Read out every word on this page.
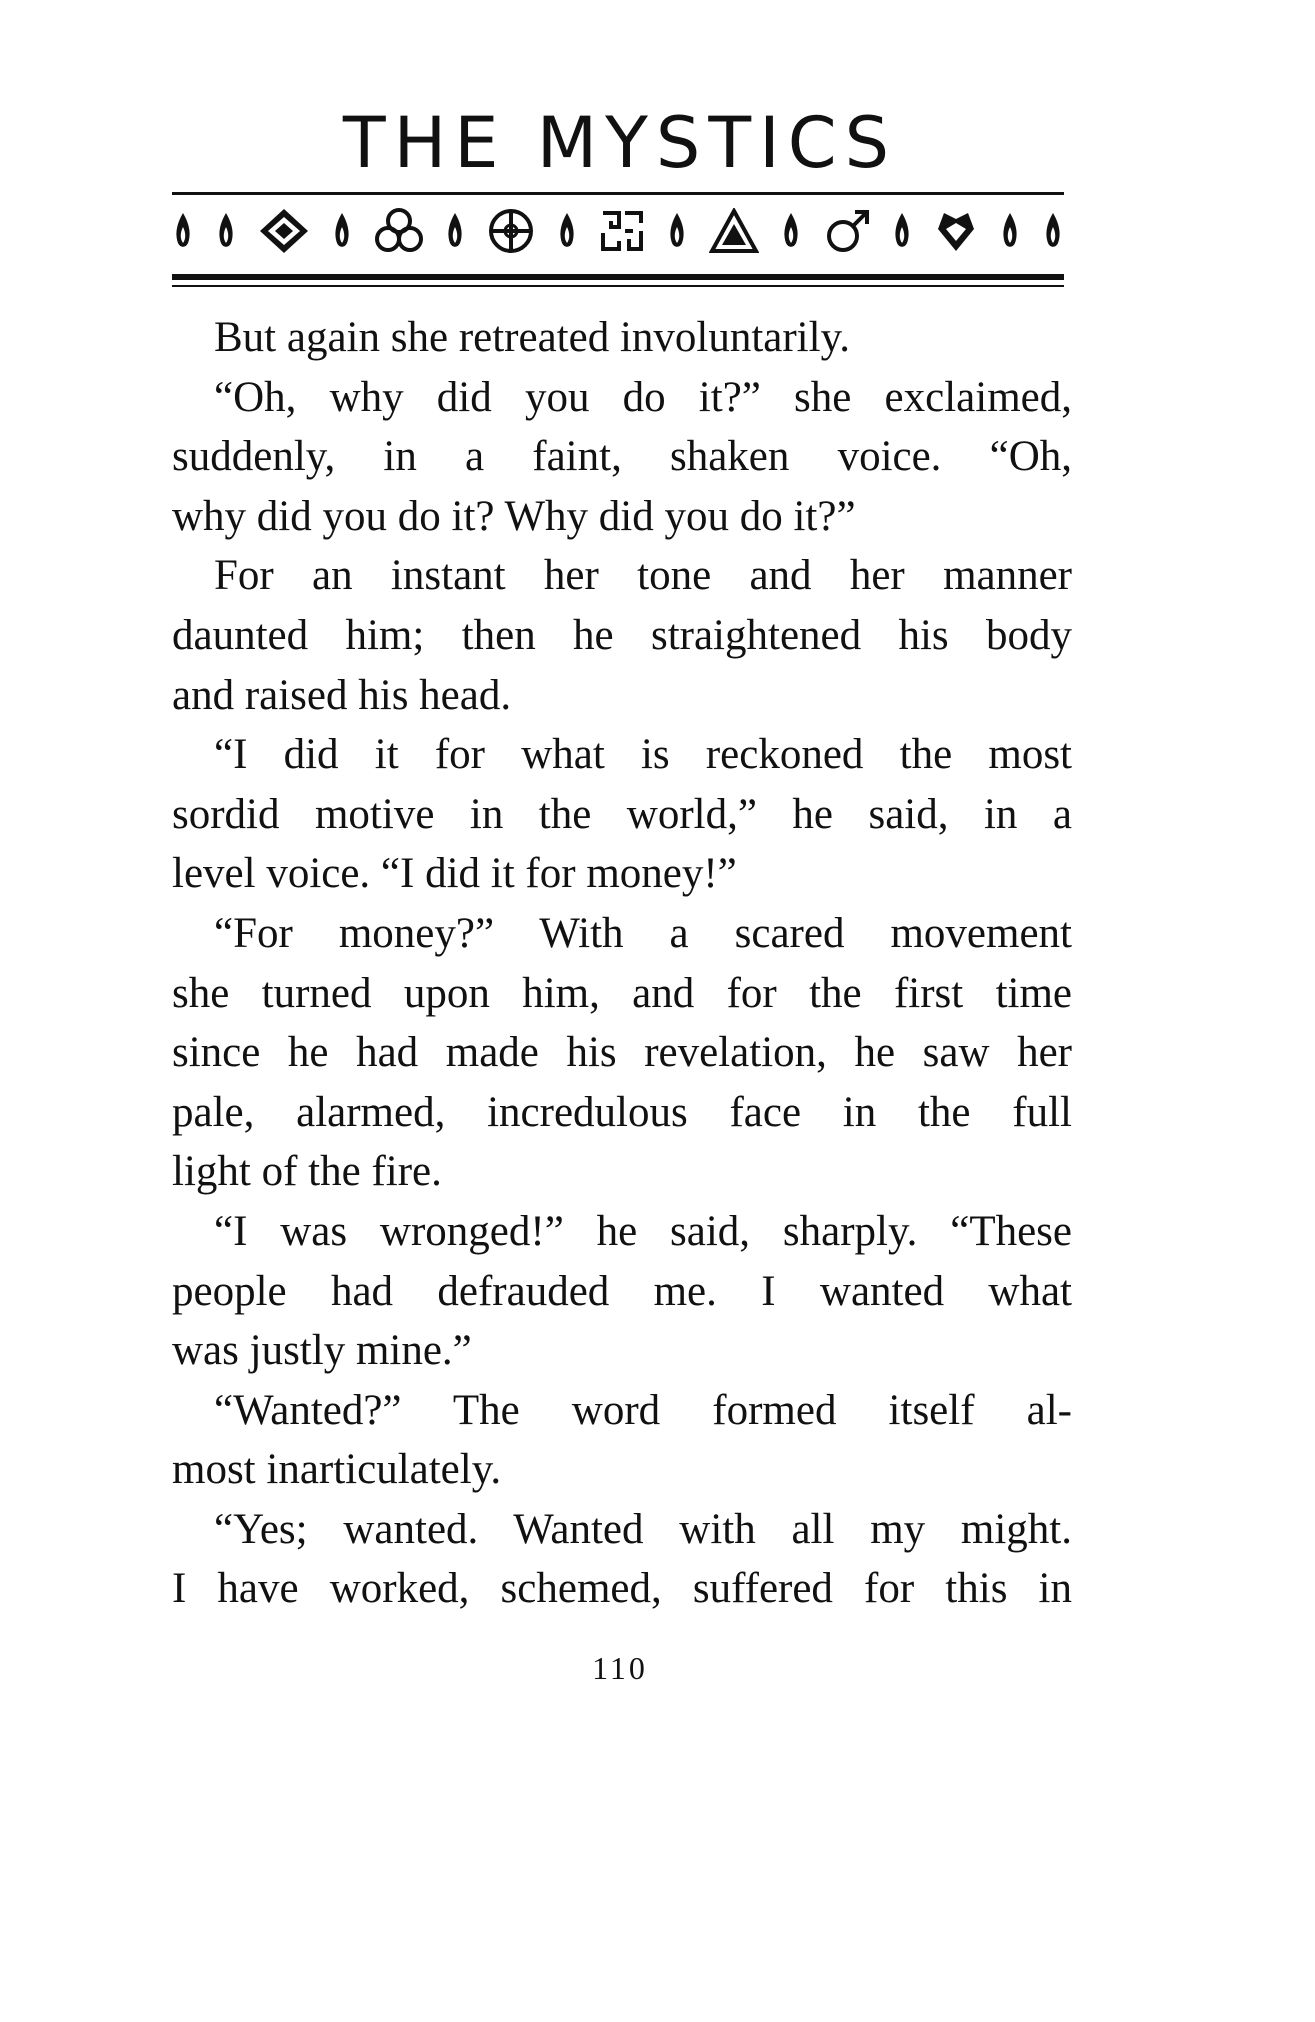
THE MYSTICS
But again she retreated involuntarily.
“Oh, why did you do it?” she exclaimed,
suddenly, in a faint, shaken voice. “Oh,
why did you do it? Why did you do it?”
For an instant her tone and her manner
daunted him; then he straightened his body
and raised his head.
“I did it for what is reckoned the most
sordid motive in the world,” he said, in a
level voice. “I did it for money!”
“For money?” With a scared movement
she turned upon him, and for the first time
since he had made his revelation, he saw her
pale, alarmed, incredulous face in the full
light of the fire.
“I was wronged!” he said, sharply. “These
people had defrauded me. I wanted what
was justly mine.”
“Wanted?” The word formed itself al-
most inarticulately.
“Yes; wanted. Wanted with all my might.
I have worked, schemed, suffered for this in
110
